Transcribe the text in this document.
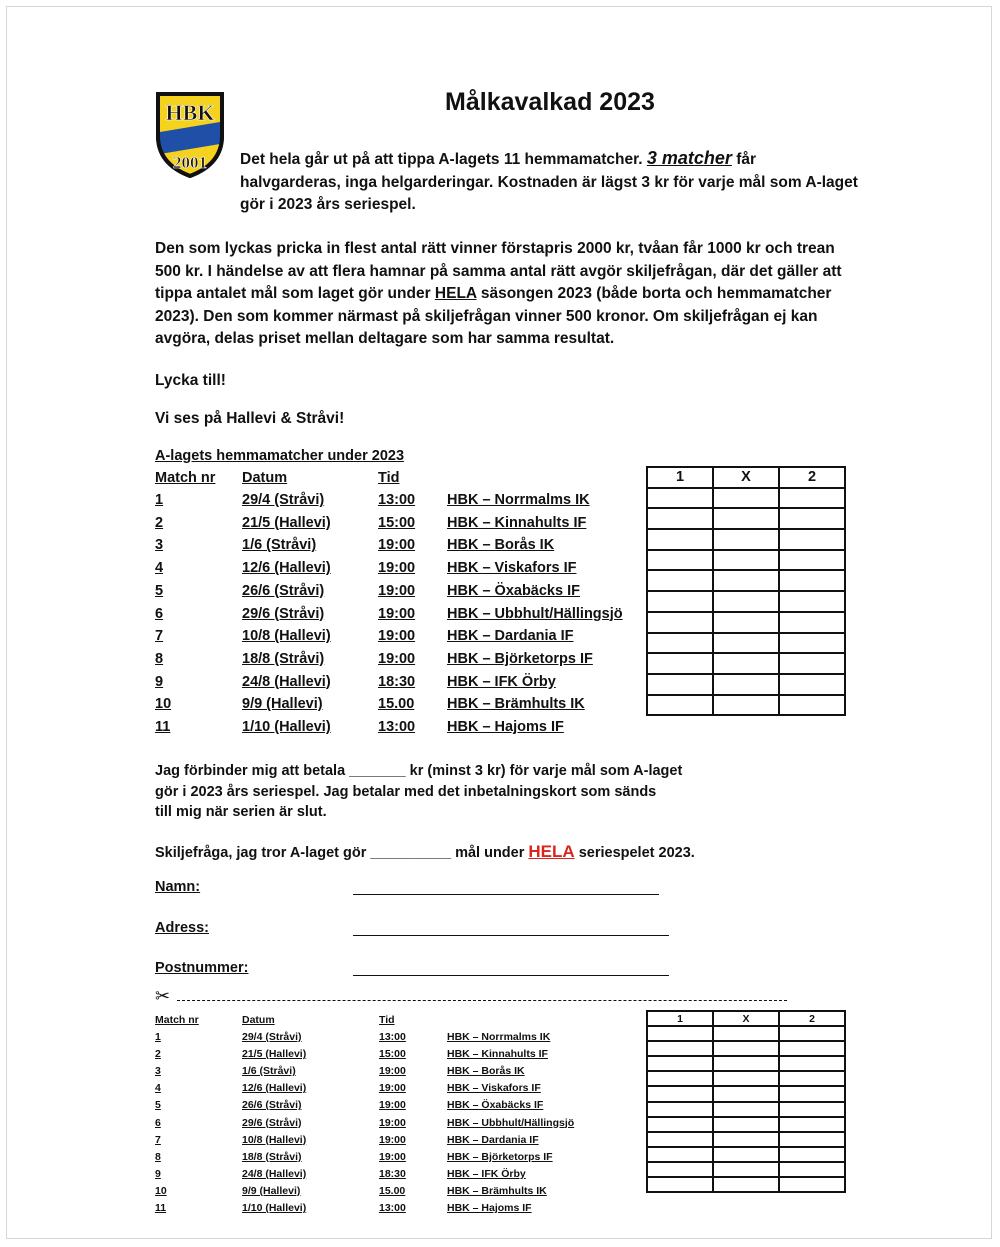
HBK
2001
Målkavalkad 2023
Det hela går ut på att tippa A-lagets 11 hemmamatcher. 3 matcher får halvgarderas, inga helgarderingar. Kostnaden är lägst 3 kr för varje mål som A-laget gör i 2023 års seriespel.
Den som lyckas pricka in flest antal rätt vinner förstapris 2000 kr, tvåan får 1000 kr och trean 500 kr. I händelse av att flera hamnar på samma antal rätt avgör skiljefrågan, där det gäller att tippa antalet mål som laget gör under HELA säsongen 2023 (både borta och hemmamatcher 2023). Den som kommer närmast på skiljefrågan vinner 500 kronor. Om skiljefrågan ej kan avgöra, delas priset mellan deltagare som har samma resultat.
Lycka till!
Vi ses på Hallevi & Stråvi!
A-lagets hemmamatcher under 2023
Match nr Datum	Tid
1	29/4 (Stråvi)	13:00 HBK – Norrmalms IK
2	21/5 (Hallevi)	15:00 HBK – Kinnahults IF
3	1/6 (Stråvi)	19:00 HBK – Borås IK
4	12/6 (Hallevi)	19:00 HBK – Viskafors IF
5	26/6 (Stråvi)	19:00 HBK – Öxabäcks IF
6	29/6 (Stråvi)	19:00 HBK – Ubbhult/Hällingsjö
7	10/8 (Hallevi)	19:00 HBK – Dardania IF
8	18/8 (Stråvi)	19:00 HBK – Björketorps IF
9	24/8 (Hallevi)	18:30 HBK – IFK Örby
10	9/9 (Hallevi)	15.00 HBK – Brämhults IK
11	1/10 (Hallevi)	13:00 HBK – Hajoms IF
1	X	2

Jag förbinder mig att betala _______ kr (minst 3 kr) för varje mål som A-laget
gör i 2023 års seriespel. Jag betalar med det inbetalningskort som sänds
till mig när serien är slut.
Skiljefråga, jag tror A-laget gör __________ mål under HELA seriespelet 2023.
Namn:
Adress:
Postnummer:
✂
Match nr	Datum	Tid
1	29/4 (Stråvi)	13:00	HBK – Norrmalms IK
2	21/5 (Hallevi)	15:00	HBK – Kinnahults IF
3	1/6 (Stråvi)	19:00	HBK – Borås IK
4	12/6 (Hallevi)	19:00	HBK – Viskafors IF
5	26/6 (Stråvi)	19:00	HBK – Öxabäcks IF
6	29/6 (Stråvi)	19:00	HBK – Ubbhult/Hällingsjö
7	10/8 (Hallevi)	19:00	HBK – Dardania IF
8	18/8 (Stråvi)	19:00	HBK – Björketorps IF
9	24/8 (Hallevi)	18:30	HBK – IFK Örby
10	9/9 (Hallevi)	15.00	HBK – Brämhults IK
11	1/10 (Hallevi)	13:00	HBK – Hajoms IF
1	X	2
